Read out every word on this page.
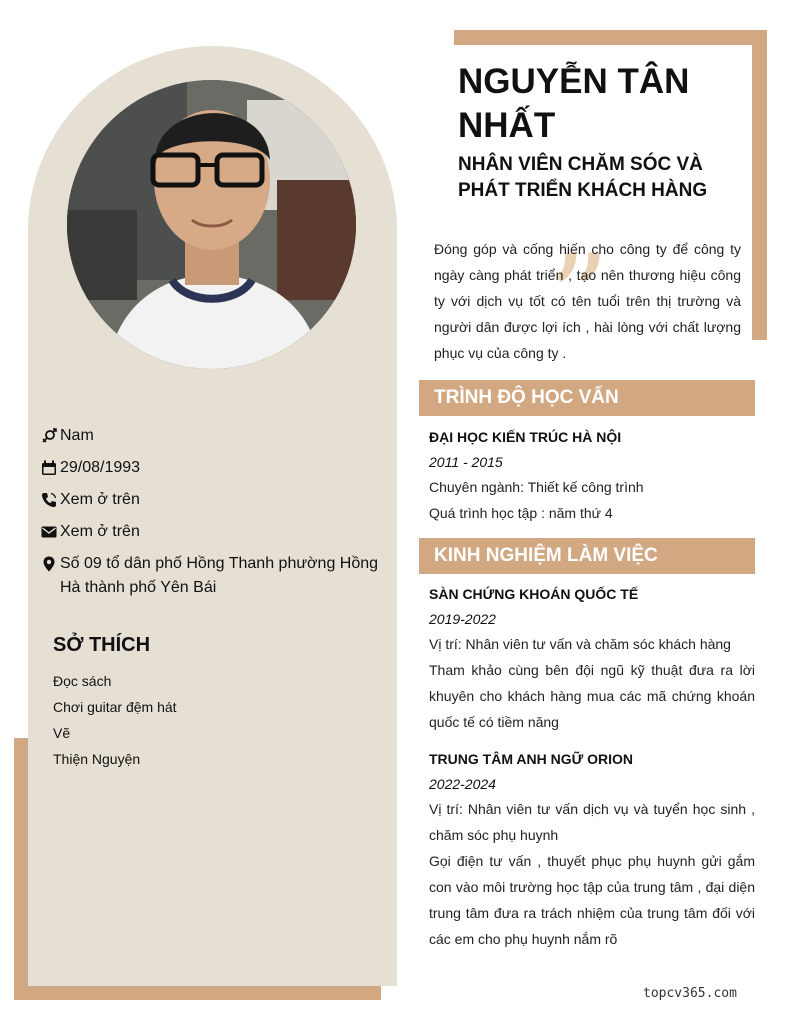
Nam
29/08/1993
Xem ở trên
Xem ở trên
Số 09 tổ dân phố Hồng Thanh phường Hồng Hà thành phố Yên Bái
SỞ THÍCH
Đọc sách
Chơi guitar đệm hát
Vẽ
Thiện Nguyện
NGUYỄN TÂN NHẤT
NHÂN VIÊN CHĂM SÓC VÀ PHÁT TRIỂN KHÁCH HÀNG
”
Đóng góp và cống hiến cho công ty để công ty ngày càng phát triển , tạo nên thương hiệu công ty với dịch vụ tốt có tên tuổi trên thị trường và người dân được lợi ích , hài lòng với chất lượng phục vụ của công ty .
TRÌNH ĐỘ HỌC VẤN
ĐẠI HỌC KIẾN TRÚC HÀ NỘI
2011 - 2015
Chuyên ngành: Thiết kế công trình
Quá trình học tập : năm thứ 4
KINH NGHIỆM LÀM VIỆC
SÀN CHỨNG KHOÁN QUỐC TẾ
2019-2022
Vị trí: Nhân viên tư vấn và chăm sóc khách hàng
Tham khảo cùng bên đội ngũ kỹ thuật đưa ra lời khuyên cho khách hàng mua các mã chứng khoán quốc tế có tiềm năng
TRUNG TÂM ANH NGỮ ORION
2022-2024
Vị trí: Nhân viên tư vấn dịch vụ và tuyển học sinh , chăm sóc phụ huynh
Gọi điện tư vấn , thuyết phục phụ huynh gửi gắm con vào môi trường học tập của trung tâm , đại diện trung tâm đưa ra trách nhiệm của trung tâm đối với các em cho phụ huynh nắm rõ
topcv365.com
